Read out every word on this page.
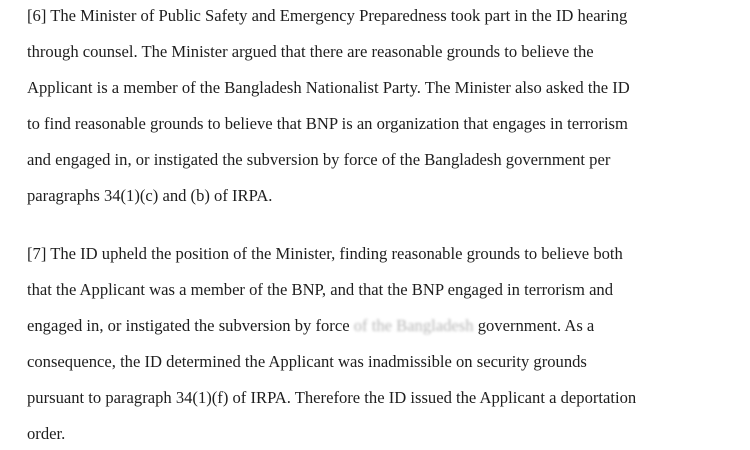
[6] The Minister of Public Safety and Emergency Preparedness took part in the ID hearing
through counsel. The Minister argued that there are reasonable grounds to believe the
Applicant is a member of the Bangladesh Nationalist Party. The Minister also asked the ID
to find reasonable grounds to believe that BNP is an organization that engages in terrorism
and engaged in, or instigated the subversion by force of the Bangladesh government per
paragraphs 34(1)(c) and (b) of IRPA.
[7] The ID upheld the position of the Minister, finding reasonable grounds to believe both
that the Applicant was a member of the BNP, and that the BNP engaged in terrorism and
engaged in, or instigated the subversion by force of the Bangladesh government. As a
consequence, the ID determined the Applicant was inadmissible on security grounds
pursuant to paragraph 34(1)(f) of IRPA. Therefore the ID issued the Applicant a deportation
order.
